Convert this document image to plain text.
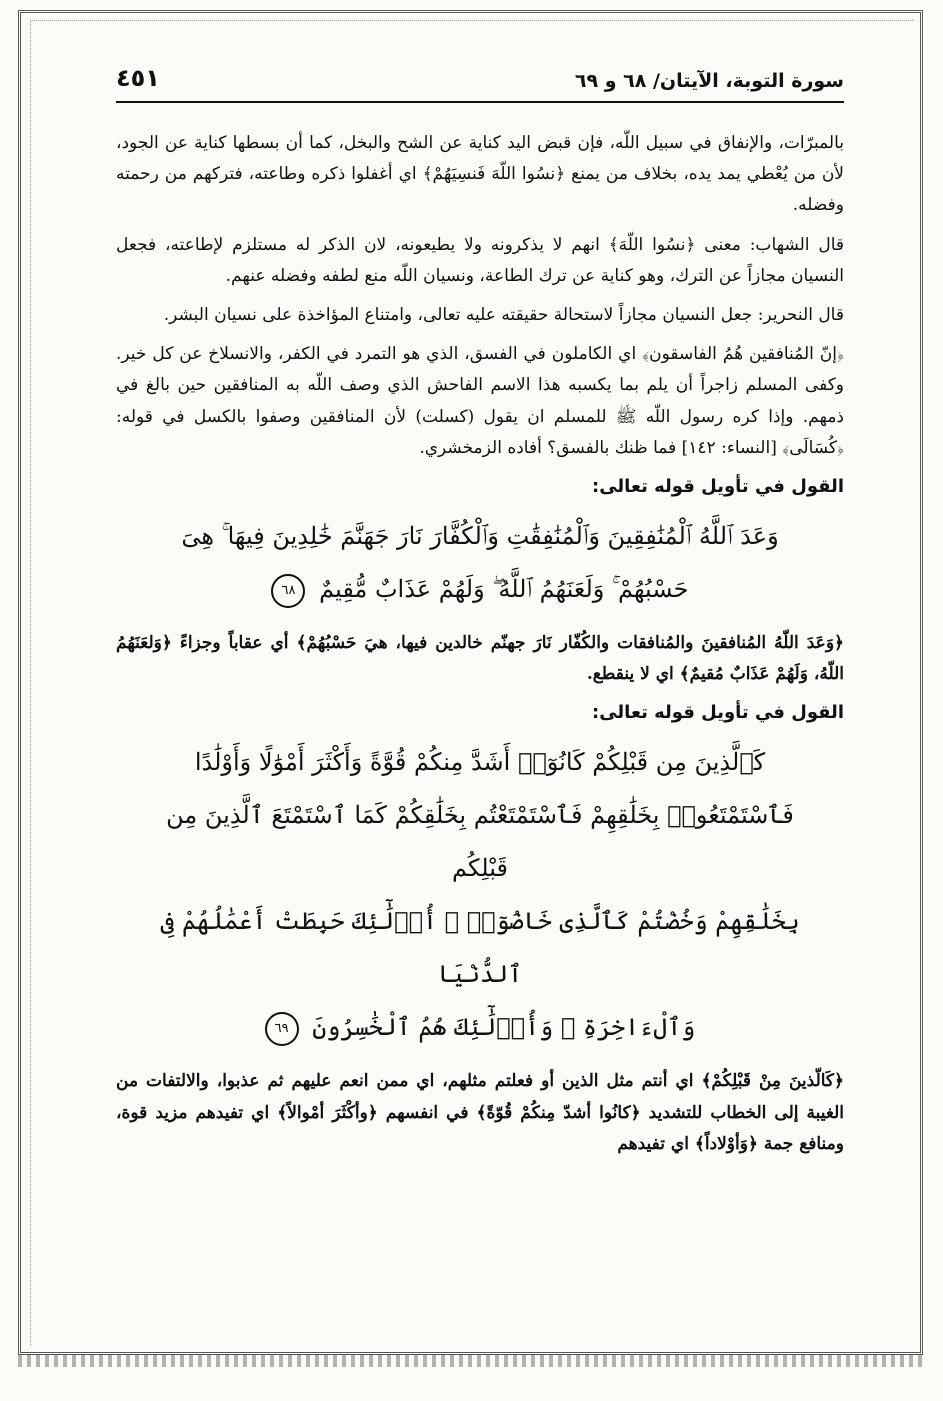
سورة التوبة، الآيتان/ ٦٨ و ٦٩
٤٥١

بالمبرّات، والإنفاق في سبيل اللّه، فإن قبض اليد كناية عن الشح والبخل، كما أن بسطها كناية عن الجود، لأن من يُعْطي يمد يده، بخلاف من يمنع ﴿نسُوا اللّهَ فَنسِيَهُمْ﴾ اي أغفلوا ذكره وطاعته، فتركهم من رحمته وفضله.

قال الشهاب: معنى ﴿نسُوا اللّهَ﴾ انهم لا يذكرونه ولا يطيعونه، لان الذكر له مستلزم لإطاعته، فجعل النسيان مجازاً عن الترك، وهو كناية عن ترك الطاعة، ونسيان اللّه منع لطفه وفضله عنهم.

قال النحرير: جعل النسيان مجازاً لاستحالة حقيقته عليه تعالى، وامتناع المؤاخذة على نسيان البشر.

﴿إنّ المُنافقين هُمُ الفاسقون﴾ اي الكاملون في الفسق، الذي هو التمرد في الكفر، والانسلاخ عن كل خير. وكفى المسلم زاجراً أن يلم بما يكسبه هذا الاسم الفاحش الذي وصف اللّه به المنافقين حين بالغ في ذمهم. وإذا كره رسول اللّه ﷺ للمسلم ان يقول (كسلت) لأن المنافقين وصفوا بالكسل في قوله: ﴿كُسَالَى﴾ [النساء: ١٤٢] فما ظنك بالفسق؟ أفاده الزمخشري.

القول في تأويل قوله تعالى:
وَعَدَ ٱللَّهُ ٱلْمُنَٰفِقِينَ وَٱلْمُنَٰفِقَٰتِ وَٱلْكُفَّارَ نَارَ جَهَنَّمَ خَٰلِدِينَ فِيهَا ۚ هِىَ
حَسْبُهُمْ ۚ وَلَعَنَهُمُ ٱللَّهُ ۖ وَلَهُمْ عَذَابٌ مُّقِيمٌ ٦٨

﴿وَعَدَ اللّهُ المُنافقينَ والمُنافقات والكُفّار نَارَ جهنّم خالدين فيها، هيَ حَسْبُهُمْ﴾ أي عقاباً وجزاءً ﴿وَلعَنَهُمُ اللّهُ، وَلَهُمْ عَذَابٌ مُقيمٌ﴾ اي لا ينقطع.

القول في تأويل قوله تعالى:
كَٱلَّذِينَ مِن قَبْلِكُمْ كَانُوٓا۟ أَشَدَّ مِنكُمْ قُوَّةً وَأَكْثَرَ أَمْوَٰلًا وَأَوْلَٰدًا
فَٱسْتَمْتَعُوا۟ بِخَلَٰقِهِمْ فَٱسْتَمْتَعْتُم بِخَلَٰقِكُمْ كَمَا ٱسْتَمْتَعَ ٱلَّذِينَ مِن قَبْلِكُم
بِخَلَٰقِهِمْ وَخُضْتُمْ كَٱلَّذِى خَاضُوٓا۟ ۚ أُو۟لَٰٓئِكَ حَبِطَتْ أَعْمَٰلُهُمْ فِى ٱلدُّنْيَا
وَٱلْءَاخِرَةِ ۖ وَأُو۟لَٰٓئِكَ هُمُ ٱلْخَٰسِرُونَ ٦٩

﴿كَالّذينَ مِنْ قَبْلِكُمْ﴾ اي أنتم مثل الذين أو فعلتم مثلهم، اي ممن انعم عليهم ثم عذبوا، والالتفات من الغيبة إلى الخطاب للتشديد ﴿كانُوا أشدّ مِنكُمْ قُوّةً﴾ في انفسهم ﴿وأكْثَرَ أمْوالاً﴾ اي تفيدهم مزيد قوة، ومنافع جمة ﴿وَأوْلاداً﴾ اي تفيدهم
